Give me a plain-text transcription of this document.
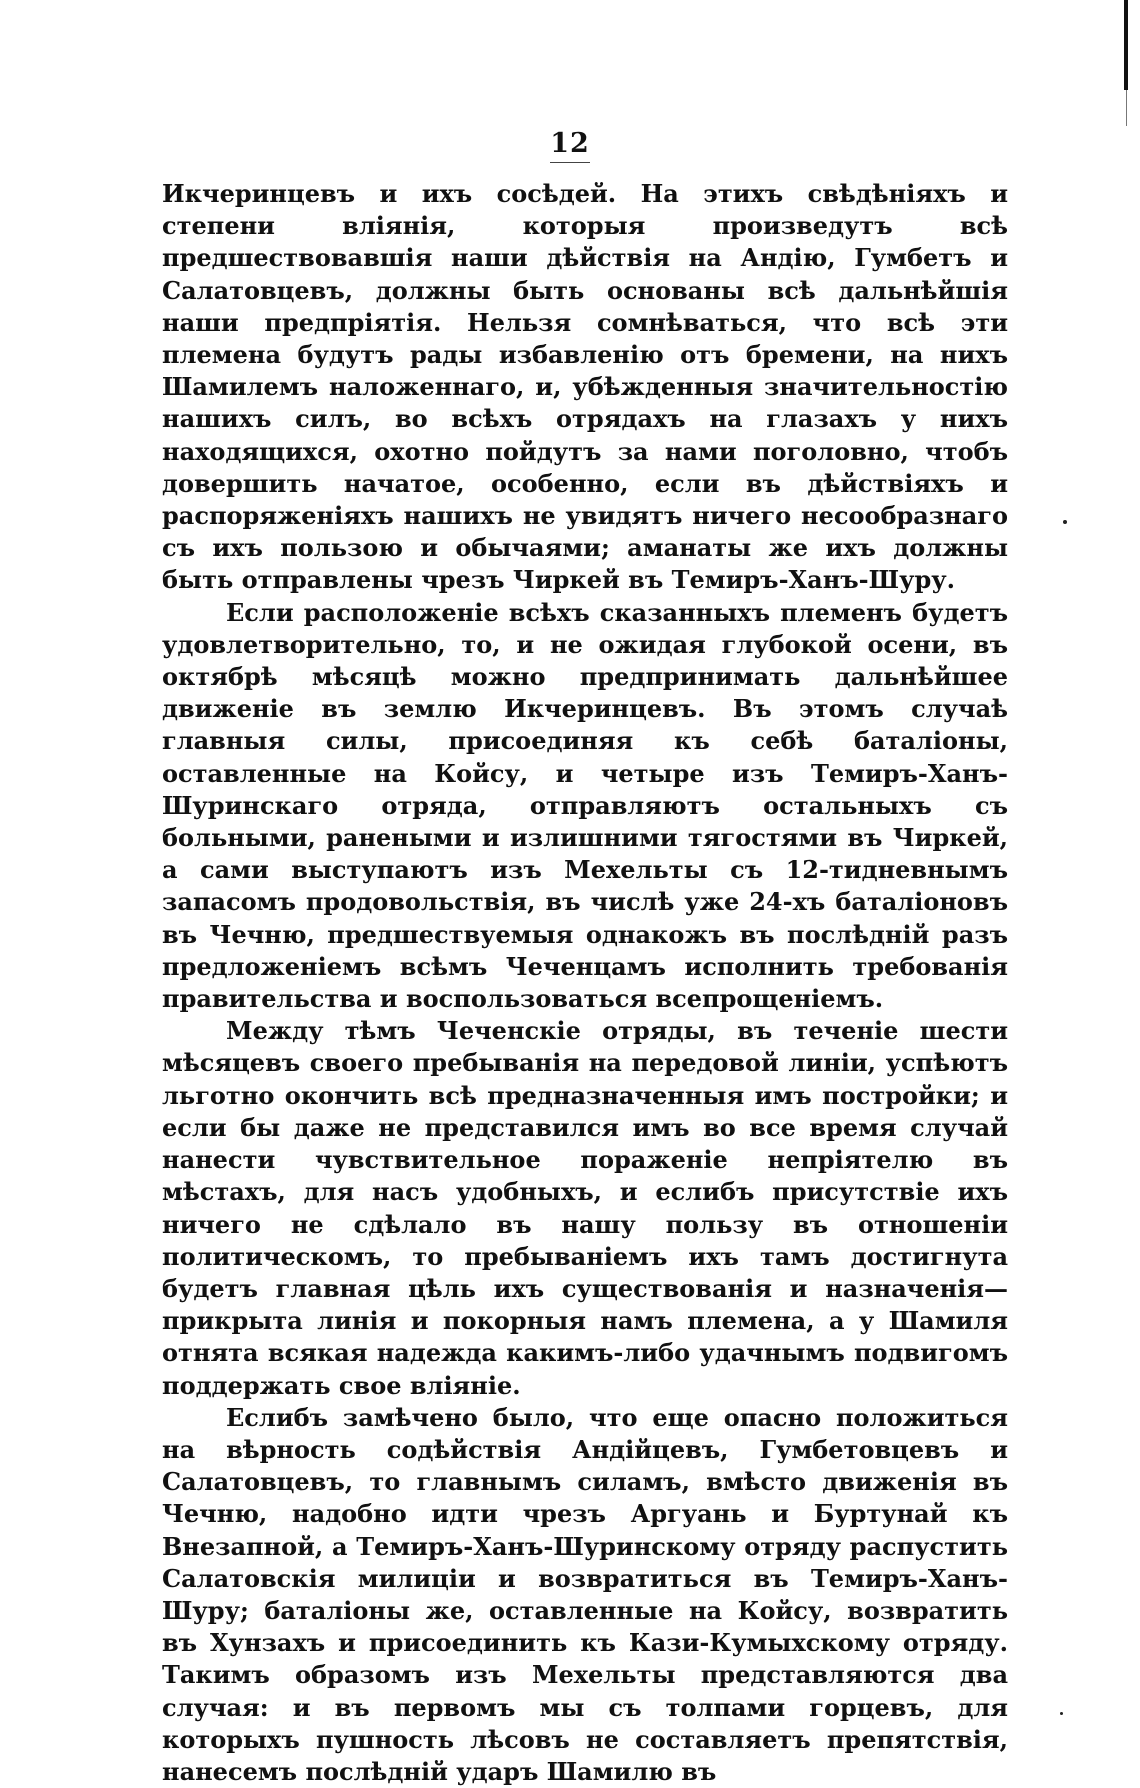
12

Икчеринцевъ и ихъ сосѣдей. На этихъ свѣдѣніяхъ и степени вліянія, которыя произведутъ всѣ предшествовавшія наши дѣйствія на Андію, Гумбетъ и Салатовцевъ, должны быть основаны всѣ дальнѣйшія наши предпріятія. Нельзя сомнѣваться, что всѣ эти племена будутъ рады избавленію отъ бремени, на нихъ Шамилемъ наложеннаго, и, убѣжденныя значительностію нашихъ силъ, во всѣхъ отрядахъ на глазахъ у нихъ находящихся, охотно пойдутъ за нами поголовно, чтобъ довершить начатое, особенно, если въ дѣйствіяхъ и распоряженіяхъ нашихъ не увидятъ ничего несообразнаго съ ихъ пользою и обычаями; аманаты же ихъ должны быть отправлены чрезъ Чиркей въ Темиръ-Ханъ-Шуру.

Если расположеніе всѣхъ сказанныхъ племенъ будетъ удовлетворительно, то, и не ожидая глубокой осени, въ октябрѣ мѣсяцѣ можно предпринимать дальнѣйшее движеніе въ землю Икчеринцевъ. Въ этомъ случаѣ главныя силы, присоединяя къ себѣ баталіоны, оставленные на Койсу, и четыре изъ Темиръ-Ханъ-Шуринскаго отряда, отправляютъ остальныхъ съ больными, ранеными и излишними тягостями въ Чиркей, а сами выступаютъ изъ Мехельты съ 12-тидневнымъ запасомъ продовольствія, въ числѣ уже 24-хъ баталіоновъ въ Чечню, предшествуемыя однакожъ въ послѣдній разъ предложеніемъ всѣмъ Чеченцамъ исполнить требованія правительства и воспользоваться всепрощеніемъ.

Между тѣмъ Чеченскіе отряды, въ теченіе шести мѣсяцевъ своего пребыванія на передовой линіи, успѣютъ льготно окончить всѣ предназначенныя имъ постройки; и если бы даже не представился имъ во все время случай нанести чувствительное пораженіе непріятелю въ мѣстахъ, для насъ удобныхъ, и еслибъ присутствіе ихъ ничего не сдѣлало въ нашу пользу въ отношеніи политическомъ, то пребываніемъ ихъ тамъ достигнута будетъ главная цѣль ихъ существованія и назначенія—прикрыта линія и покорныя намъ племена, а у Шамиля отнята всякая надежда какимъ-либо удачнымъ подвигомъ поддержать свое вліяніе.

Еслибъ замѣчено было, что еще опасно положиться на вѣрность содѣйствія Андійцевъ, Гумбетовцевъ и Салатовцевъ, то главнымъ силамъ, вмѣсто движенія въ Чечню, надобно идти чрезъ Аргуань и Буртунай къ Внезапной, а Темиръ-Ханъ-Шуринскому отряду распустить Салатовскія милиціи и возвратиться въ Темиръ-Ханъ-Шуру; баталіоны же, оставленные на Койсу, возвратить въ Хунзахъ и присоединить къ Кази-Кумыхскому отряду. Такимъ образомъ изъ Мехельты представляются два случая: и въ первомъ мы съ толпами горцевъ, для которыхъ пушность лѣсовъ не составляетъ препятствія, нанесемъ послѣдній ударъ Шамилю въ
